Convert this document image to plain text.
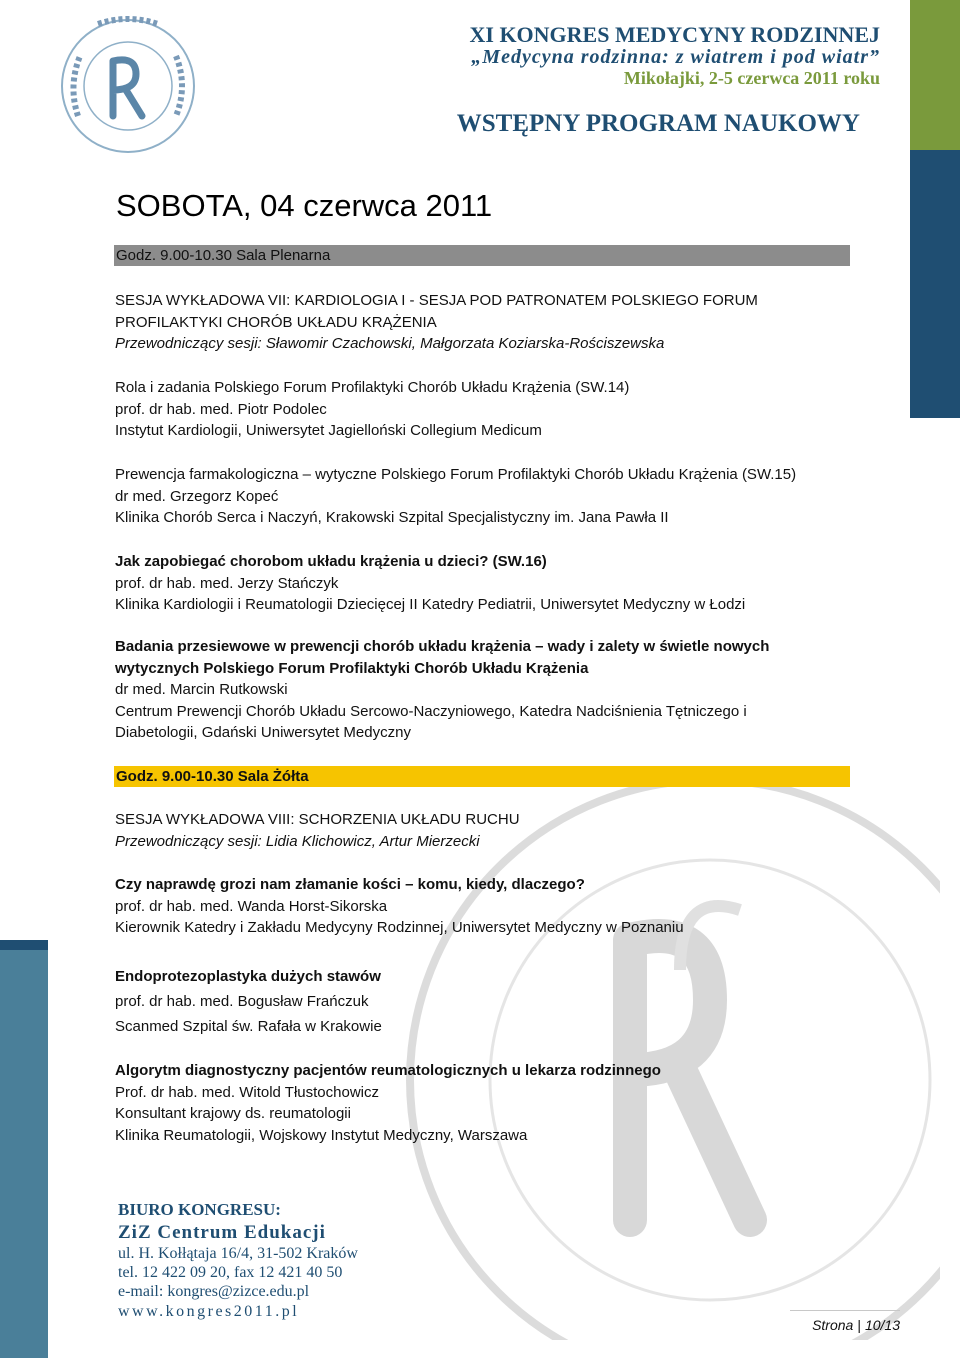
XI KONGRES MEDYCYNY RODZINNEJ
„Medycyna rodzinna: z wiatrem i pod wiatr”
Mikołajki, 2-5 czerwca 2011 roku
WSTĘPNY PROGRAM NAUKOWY
SOBOTA, 04 czerwca 2011
Godz. 9.00-10.30 Sala Plenarna
SESJA WYKŁADOWA VII: KARDIOLOGIA I - SESJA POD PATRONATEM POLSKIEGO FORUM
PROFILAKTYKI CHORÓB UKŁADU KRĄŻENIA
Przewodniczący sesji: Sławomir Czachowski, Małgorzata Koziarska-Rościszewska
Rola i zadania Polskiego Forum Profilaktyki Chorób Układu Krążenia (SW.14)
prof. dr hab. med. Piotr Podolec
Instytut Kardiologii, Uniwersytet Jagielloński Collegium Medicum
Prewencja farmakologiczna – wytyczne Polskiego Forum Profilaktyki Chorób Układu Krążenia (SW.15)
dr med. Grzegorz Kopeć
Klinika Chorób Serca i Naczyń, Krakowski Szpital Specjalistyczny im. Jana Pawła II
Jak zapobiegać chorobom układu krążenia u dzieci? (SW.16)
prof. dr hab. med. Jerzy Stańczyk
Klinika Kardiologii i Reumatologii Dziecięcej II Katedry Pediatrii, Uniwersytet Medyczny w Łodzi
Badania przesiewowe w prewencji chorób układu krążenia – wady i zalety w świetle nowych
wytycznych Polskiego Forum Profilaktyki Chorób Układu Krążenia
dr med. Marcin Rutkowski
Centrum Prewencji Chorób Układu Sercowo-Naczyniowego, Katedra Nadciśnienia Tętniczego i
Diabetologii, Gdański Uniwersytet Medyczny
Godz. 9.00-10.30 Sala Żółta
SESJA WYKŁADOWA VIII: SCHORZENIA UKŁADU RUCHU
Przewodniczący sesji: Lidia Klichowicz, Artur Mierzecki
Czy naprawdę grozi nam złamanie kości – komu, kiedy, dlaczego?
prof. dr hab. med. Wanda Horst-Sikorska
Kierownik Katedry i Zakładu Medycyny Rodzinnej, Uniwersytet Medyczny w Poznaniu
Endoprotezoplastyka dużych stawów
prof. dr hab. med. Bogusław Frańczuk
Scanmed Szpital św. Rafała w Krakowie
Algorytm diagnostyczny pacjentów reumatologicznych u lekarza rodzinnego
Prof. dr hab. med. Witold Tłustochowicz
Konsultant krajowy ds. reumatologii
Klinika Reumatologii, Wojskowy Instytut Medyczny, Warszawa
BIURO KONGRESU:
ZiZ Centrum Edukacji
ul. H. Kołłątaja 16/4, 31-502 Kraków
tel. 12 422 09 20, fax 12 421 40 50
e-mail: kongres@zizce.edu.pl
www.kongres2011.pl
Strona | 10/13
